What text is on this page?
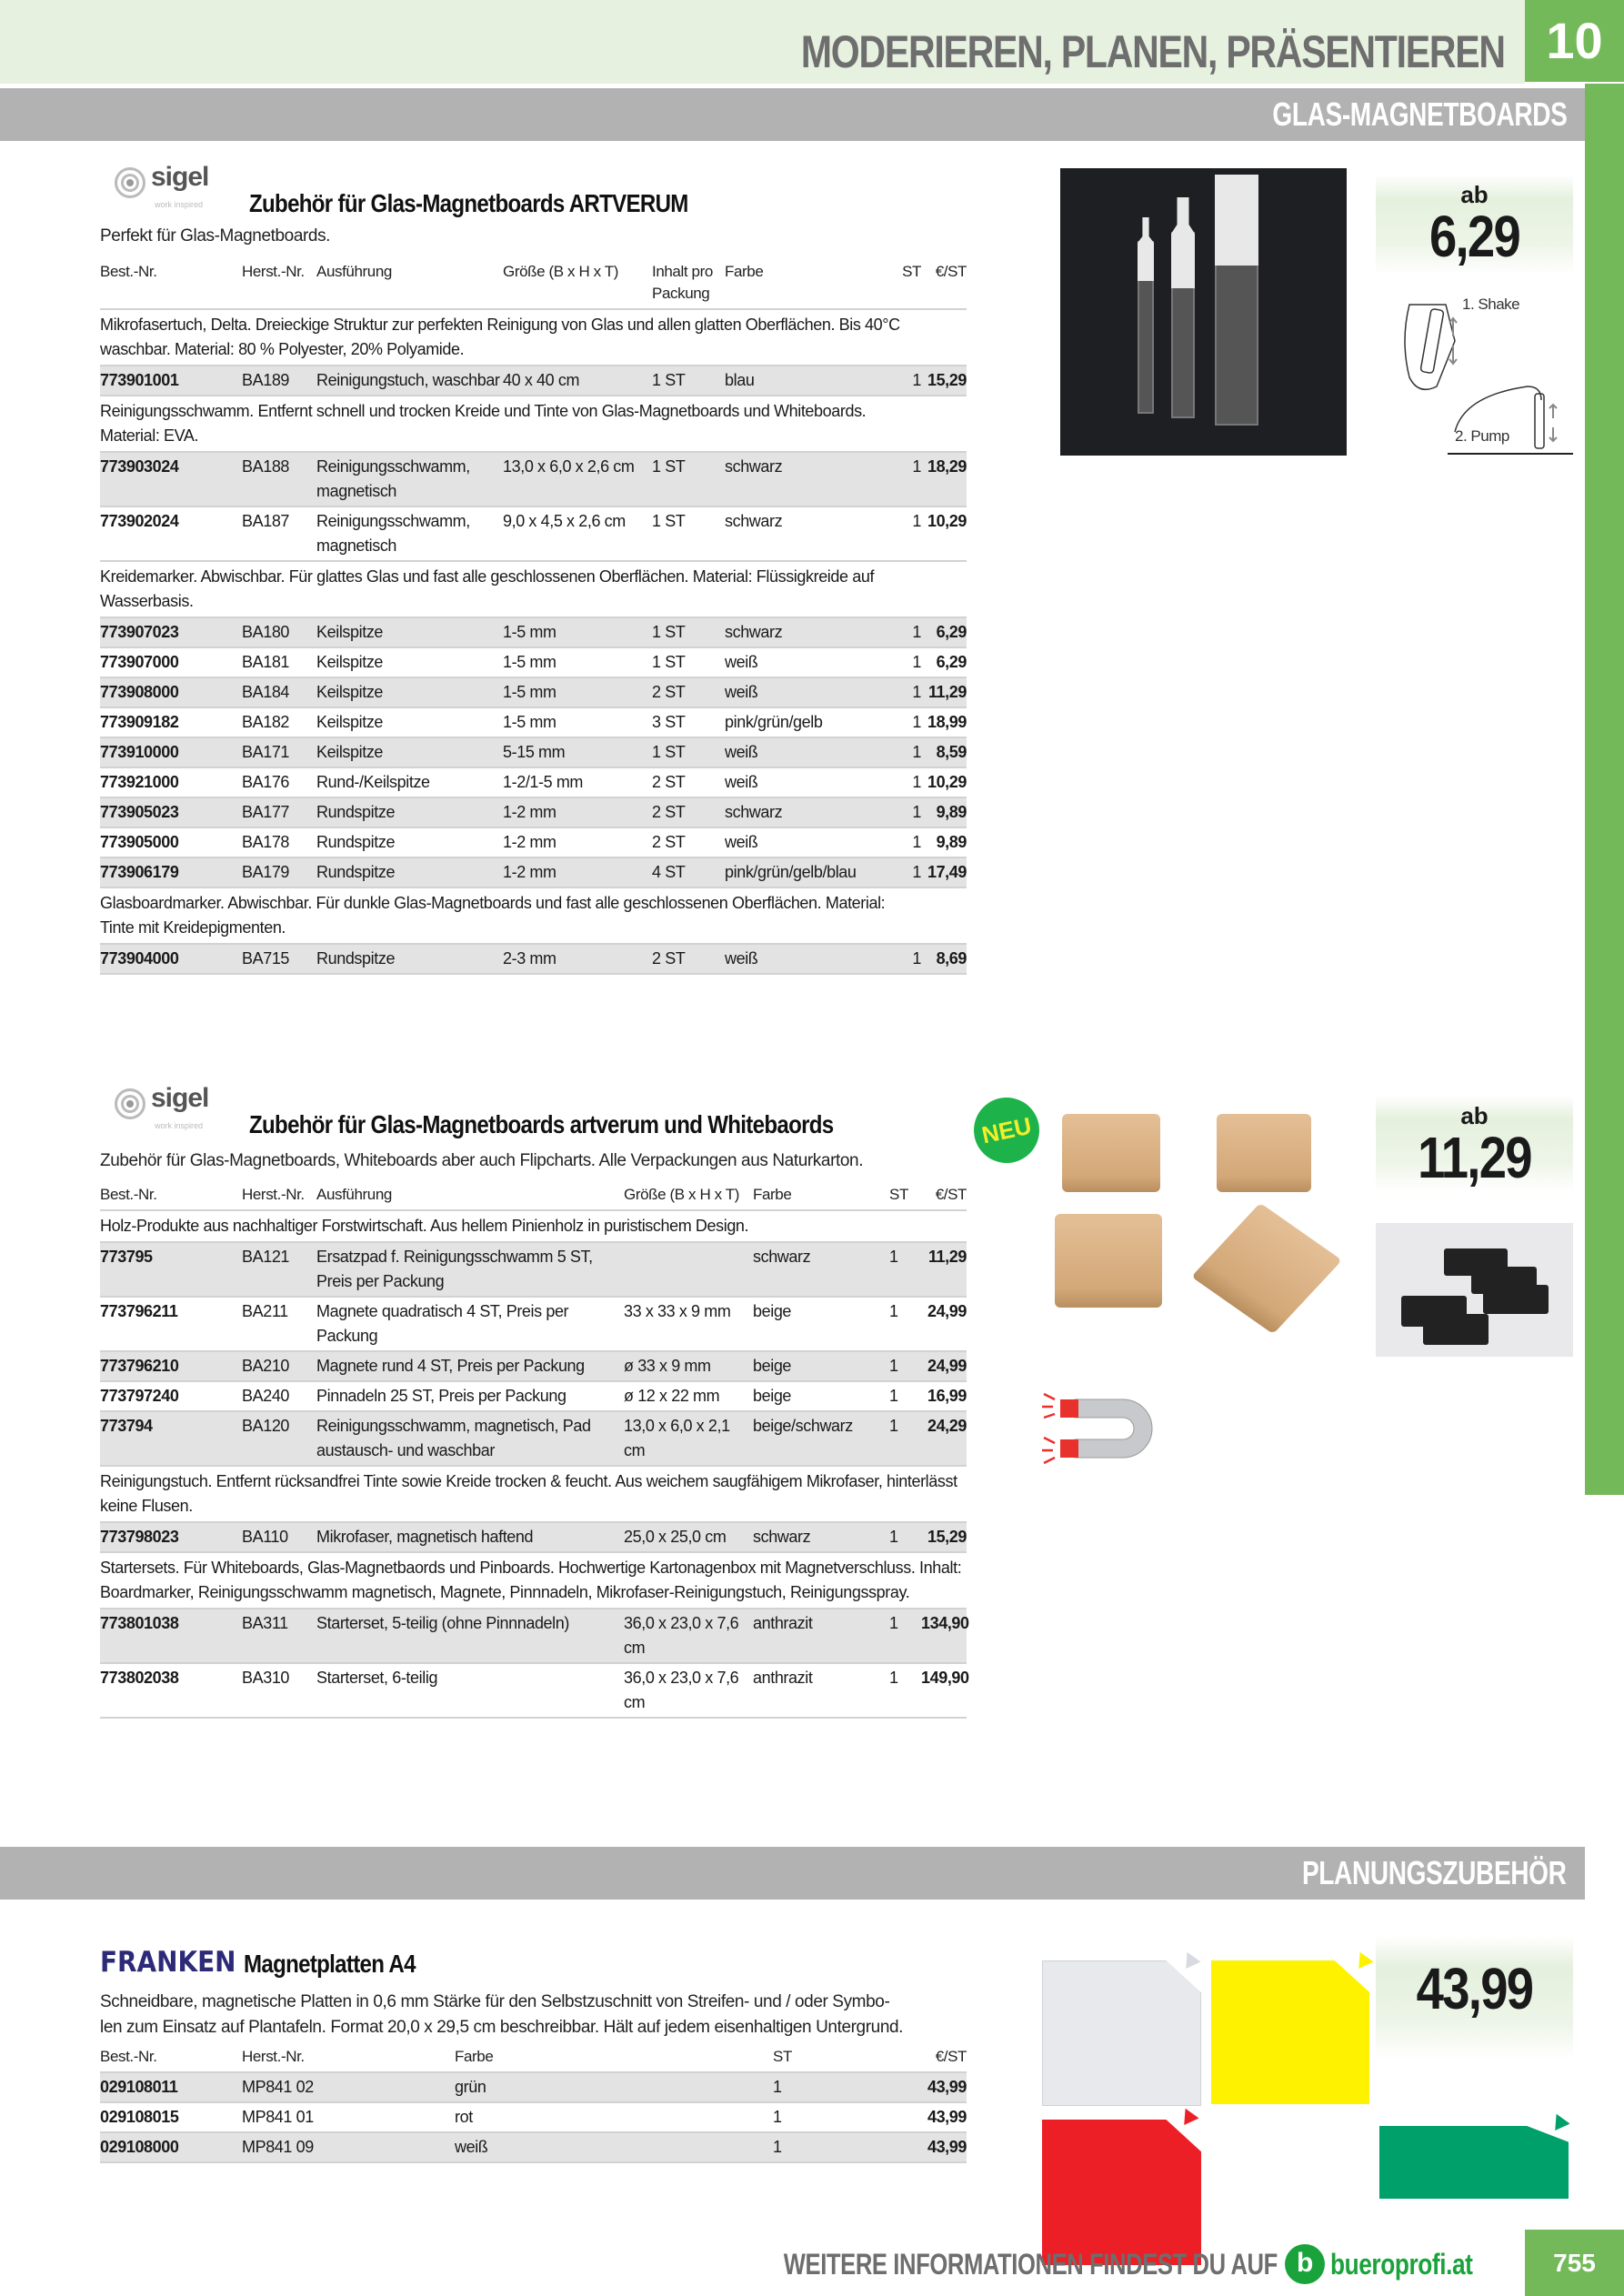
MODERIEREN, PLANEN, PRÄSENTIEREN 10
GLAS-MAGNETBOARDS
sigel
work inspired Zubehör für Glas-Magnetboards ARTVERUM
Perfekt für Glas-Magnetboards.
Best.-Nr.	Herst.-Nr.	Ausführung	Größe (B x H x T)	Inhalt pro Packung	Farbe	ST	€/ST
Mikrofasertuch, Delta. Dreieckige Struktur zur perfekten Reinigung von Glas und allen glatten Oberflächen. Bis 40°C waschbar. Material: 80 % Polyester, 20% Polyamide.							
773901001	BA189	Reinigungstuch, waschbar	40 x 40 cm	1 ST	blau	1	15,29
Reinigungsschwamm. Entfernt schnell und trocken Kreide und Tinte von Glas-Magnetboards und Whiteboards. Material: EVA.							
773903024	BA188	Reinigungsschwamm, magnetisch	13,0 x 6,0 x 2,6 cm	1 ST	schwarz	1	18,29
773902024	BA187	Reinigungsschwamm, magnetisch	9,0 x 4,5 x 2,6 cm	1 ST	schwarz	1	10,29
Kreidemarker. Abwischbar. Für glattes Glas und fast alle geschlossenen Oberflächen. Material: Flüssigkreide auf Wasserbasis.							
773907023	BA180	Keilspitze	1-5 mm	1 ST	schwarz	1	6,29
773907000	BA181	Keilspitze	1-5 mm	1 ST	weiß	1	6,29
773908000	BA184	Keilspitze	1-5 mm	2 ST	weiß	1	11,29
773909182	BA182	Keilspitze	1-5 mm	3 ST	pink/grün/gelb	1	18,99
773910000	BA171	Keilspitze	5-15 mm	1 ST	weiß	1	8,59
773921000	BA176	Rund-/Keilspitze	1-2/1-5 mm	2 ST	weiß	1	10,29
773905023	BA177	Rundspitze	1-2 mm	2 ST	schwarz	1	9,89
773905000	BA178	Rundspitze	1-2 mm	2 ST	weiß	1	9,89
773906179	BA179	Rundspitze	1-2 mm	4 ST	pink/grün/gelb/blau	1	17,49
Glasboardmarker. Abwischbar. Für dunkle Glas-Magnetboards und fast alle geschlossenen Oberflächen. Material: Tinte mit Kreidepigmenten.							
773904000	BA715	Rundspitze	2-3 mm	2 ST	weiß	1	8,69
ab
6,29
1. Shake
2. Pump
sigel
work inspired Zubehör für Glas-Magnetboards artverum und Whitebaords
Zubehör für Glas-Magnetboards, Whiteboards aber auch Flipcharts. Alle Verpackungen aus Naturkarton.
Best.-Nr.	Herst.-Nr.	Ausführung	Größe (B x H x T)	Farbe	ST	€/ST
Holz-Produkte aus nachhaltiger Forstwirtschaft. Aus hellem Pinienholz in puristischem Design.						
773795	BA121	Ersatzpad f. Reinigungsschwamm 5 ST, Preis per Packung		schwarz	1	11,29
773796211	BA211	Magnete quadratisch 4 ST, Preis per Packung	33 x 33 x 9 mm	beige	1	24,99
773796210	BA210	Magnete rund 4 ST, Preis per Packung	ø 33 x 9 mm	beige	1	24,99
773797240	BA240	Pinnadeln 25 ST, Preis per Packung	ø 12 x 22 mm	beige	1	16,99
773794	BA120	Reinigungsschwamm, magnetisch, Pad austausch- und waschbar	13,0 x 6,0 x 2,1 cm	beige/schwarz	1	24,29
Reinigungstuch. Entfernt rücksandfrei Tinte sowie Kreide trocken & feucht. Aus weichem saugfähigem Mikrofaser, hinterlässt keine Flusen.						
773798023	BA110	Mikrofaser, magnetisch haftend	25,0 x 25,0 cm	schwarz	1	15,29
Startersets. Für Whiteboards, Glas-Magnetbaords und Pinboards. Hochwertige Kartonagenbox mit Magnetverschluss. Inhalt: Boardmarker, Reinigungsschwamm magnetisch, Magnete, Pinnnadeln, Mikrofaser-Reinigungstuch, Reinigungsspray.						
773801038	BA311	Starterset, 5-teilig (ohne Pinnnadeln)	36,0 x 23,0 x 7,6 cm	anthrazit	1	134,90
773802038	BA310	Starterset, 6-teilig	36,0 x 23,0 x 7,6 cm	anthrazit	1	149,90
NEU	ab
11,29
PLANUNGSZUBEHÖR
FRANKEN Magnetplatten A4
Schneidbare, magnetische Platten in 0,6 mm Stärke für den Selbstzuschnitt von Streifen- und / oder Symbo-
len zum Einsatz auf Plantafeln. Format 20,0 x 29,5 cm beschreibbar. Hält auf jedem eisenhaltigen Untergrund.
Best.-Nr.	Herst.-Nr.	Farbe	ST	€/ST
029108011	MP841 02	grün	1	43,99
029108015	MP841 01	rot	1	43,99
029108000	MP841 09	weiß	1	43,99
43,99
WEITERE INFORMATIONEN FINDEST DU AUF b bueroprofi.at	755
